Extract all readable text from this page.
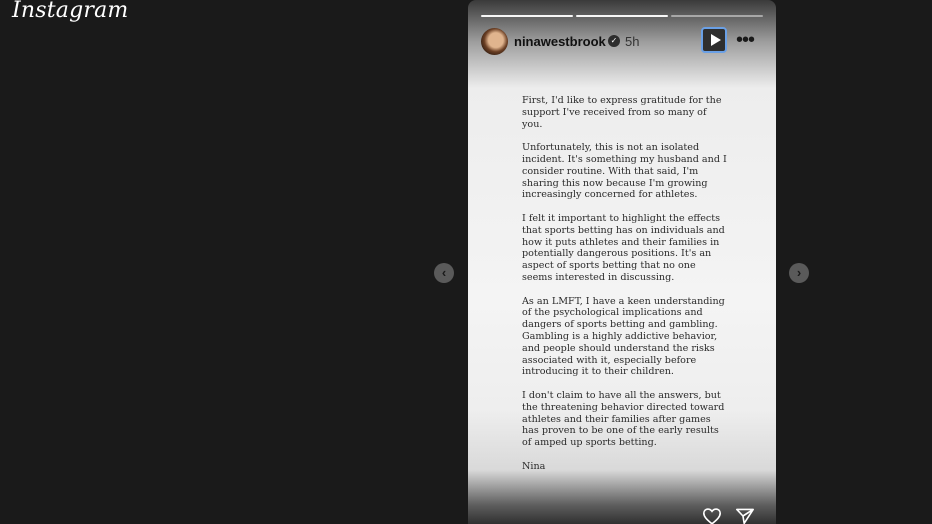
Instagram
‹	›
ninawestbrook ✓ 5h	•••

First, I'd like to express gratitude for the support I've received from so many of you.

Unfortunately, this is not an isolated incident. It's something my husband and I consider routine. With that said, I'm sharing this now because I'm growing increasingly concerned for athletes.

I felt it important to highlight the effects that sports betting has on individuals and how it puts athletes and their families in potentially dangerous positions. It's an aspect of sports betting that no one seems interested in discussing.

As an LMFT, I have a keen understanding of the psychological implications and dangers of sports betting and gambling. Gambling is a highly addictive behavior, and people should understand the risks associated with it, especially before introducing it to their children.

I don't claim to have all the answers, but the threatening behavior directed toward athletes and their families after games has proven to be one of the early results of amped up sports betting.

Nina
